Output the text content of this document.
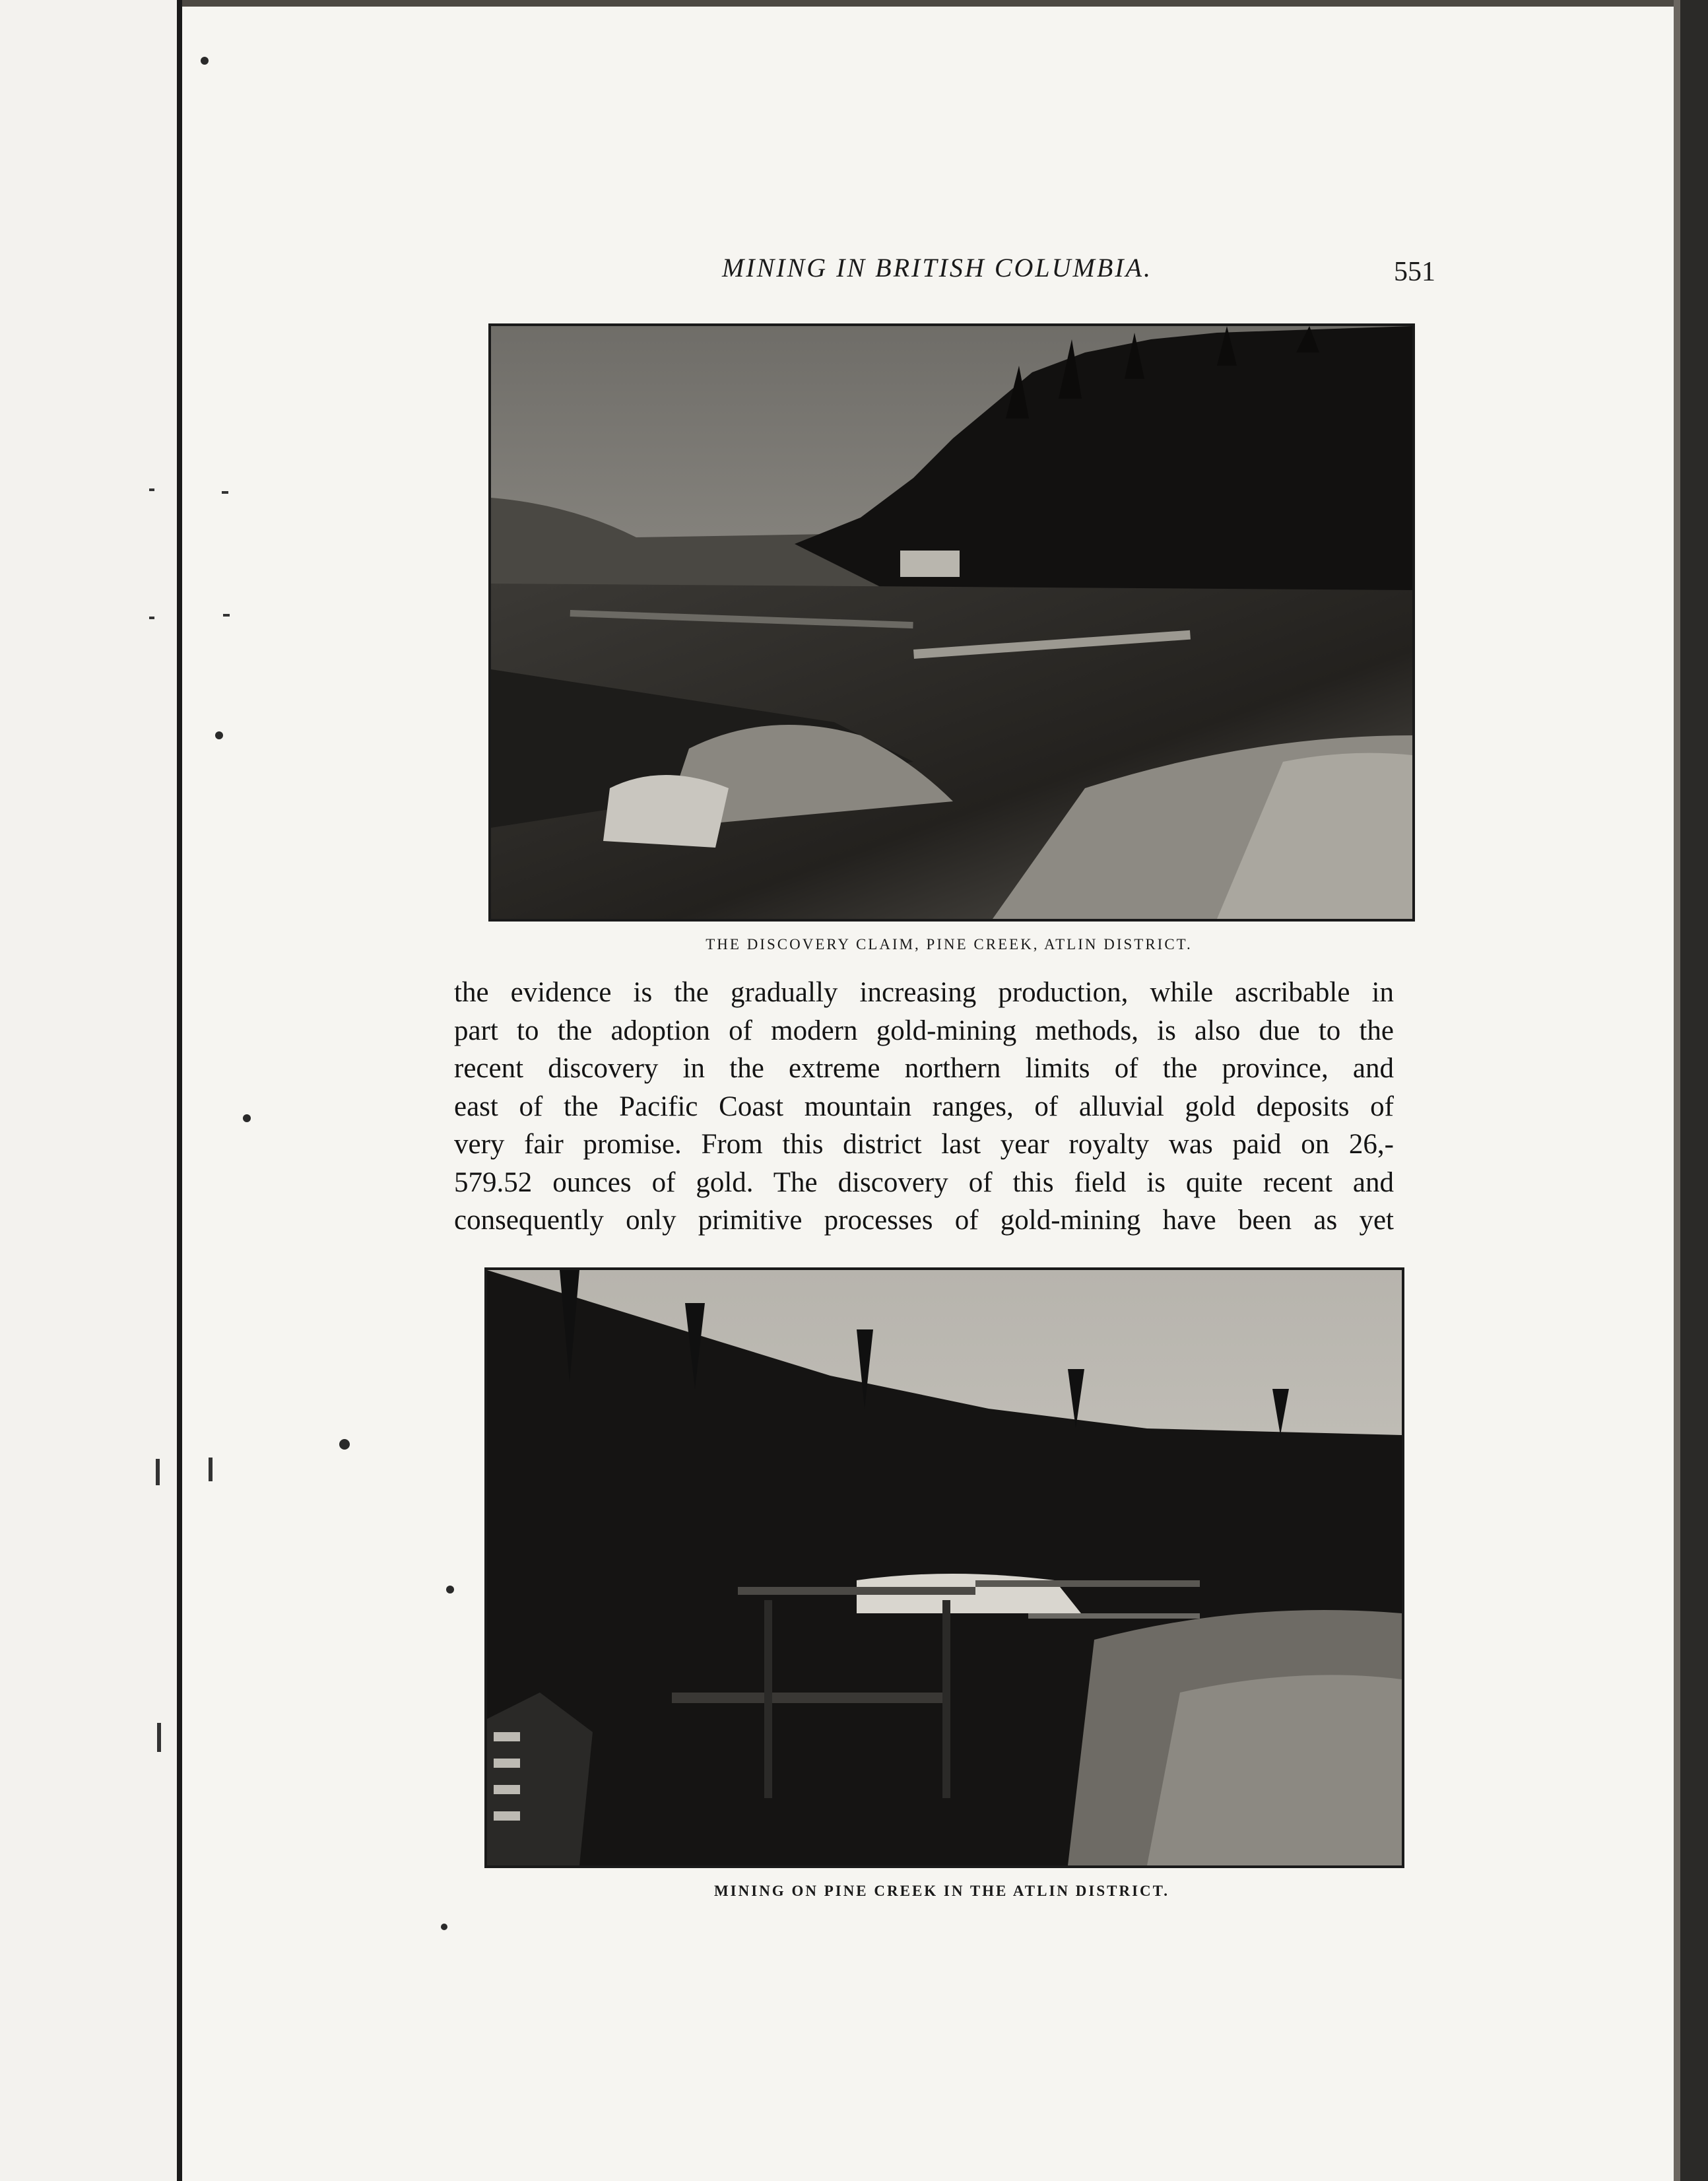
MINING IN BRITISH COLUMBIA.	551
THE DISCOVERY CLAIM, PINE CREEK, ATLIN DISTRICT.
the evidence is the gradually increasing production, while ascribable in
part to the adoption of modern gold-mining methods, is also due to the
recent discovery in the extreme northern limits of the province, and
east of the Pacific Coast mountain ranges, of alluvial gold deposits of
very fair promise. From this district last year royalty was paid on 26,-
579.52 ounces of gold. The discovery of this field is quite recent and
consequently only primitive processes of gold-mining have been as yet
MINING ON PINE CREEK IN THE ATLIN DISTRICT.
